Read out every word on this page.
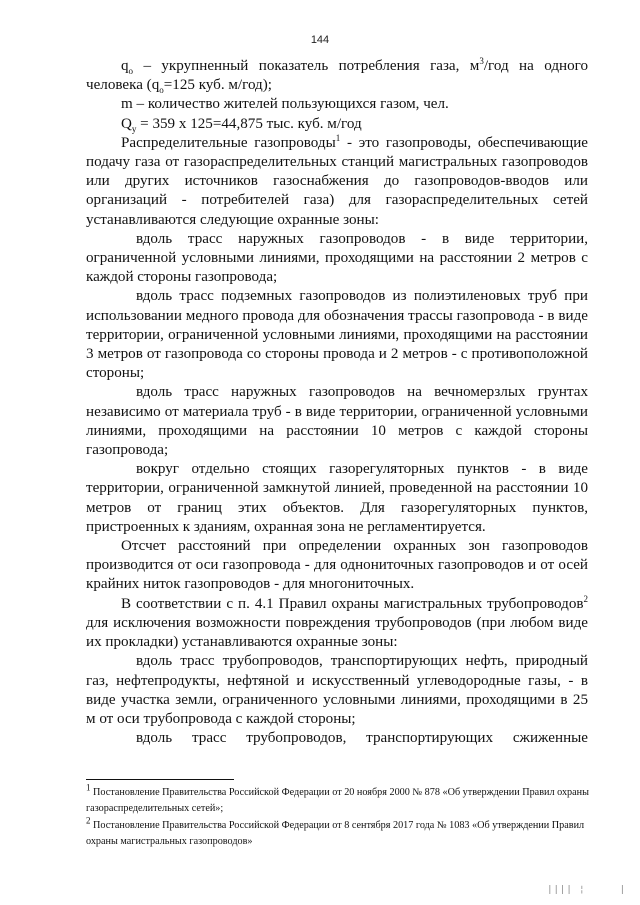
144

$q_o$ – укрупненный показатель потребления газа, $м^3$/год на одного человека ($q_o=125$ куб. м/год);

m – количество жителей пользующихся газом, чел.

$Q_y = 359$ х 125=44,875 тыс. куб. м/год

Распределительные газопроводы$^1$ - это газопроводы, обеспечивающие подачу газа от газораспределительных станций магистральных газопроводов или других источников газоснабжения до газопроводов-вводов или организаций - потребителей газа) для газораспределительных сетей устанавливаются следующие охранные зоны:

вдоль трасс наружных газопроводов - в виде территории, ограниченной условными линиями, проходящими на расстоянии 2 метров с каждой стороны газопровода;

вдоль трасс подземных газопроводов из полиэтиленовых труб при использовании медного провода для обозначения трассы газопровода - в виде территории, ограниченной условными линиями, проходящими на расстоянии 3 метров от газопровода со стороны провода и 2 метров - с противоположной стороны;

вдоль трасс наружных газопроводов на вечномерзлых грунтах независимо от материала труб - в виде территории, ограниченной условными линиями, проходящими на расстоянии 10 метров с каждой стороны газопровода;

вокруг отдельно стоящих газорегуляторных пунктов - в виде территории, ограниченной замкнутой линией, проведенной на расстоянии 10 метров от границ этих объектов. Для газорегуляторных пунктов, пристроенных к зданиям, охранная зона не регламентируется.

Отсчет расстояний при определении охранных зон газопроводов производится от оси газопровода - для однониточных газопроводов и от осей крайних ниток газопроводов - для многониточных.

В соответствии с п. 4.1 Правил охраны магистральных трубопроводов$^2$ для исключения возможности повреждения трубопроводов (при любом виде их прокладки) устанавливаются охранные зоны:

вдоль трасс трубопроводов, транспортирующих нефть, природный газ, нефтепродукты, нефтяной и искусственный углеводородные газы, - в виде участка земли, ограниченного условными линиями, проходящими в 25 м от оси трубопровода с каждой стороны;

вдоль трасс трубопроводов, транспортирующих сжиженные

$^1$ Постановление Правительства Российской Федерации от 20 ноября 2000 № 878 «Об утверждении Правил охраны газораспределительных сетей»;

$^2$ Постановление Правительства Российской Федерации от 8 сентября 2017 года № 1083 «Об утверждении Правил охраны магистральных газопроводов»

|||| ¦	|
